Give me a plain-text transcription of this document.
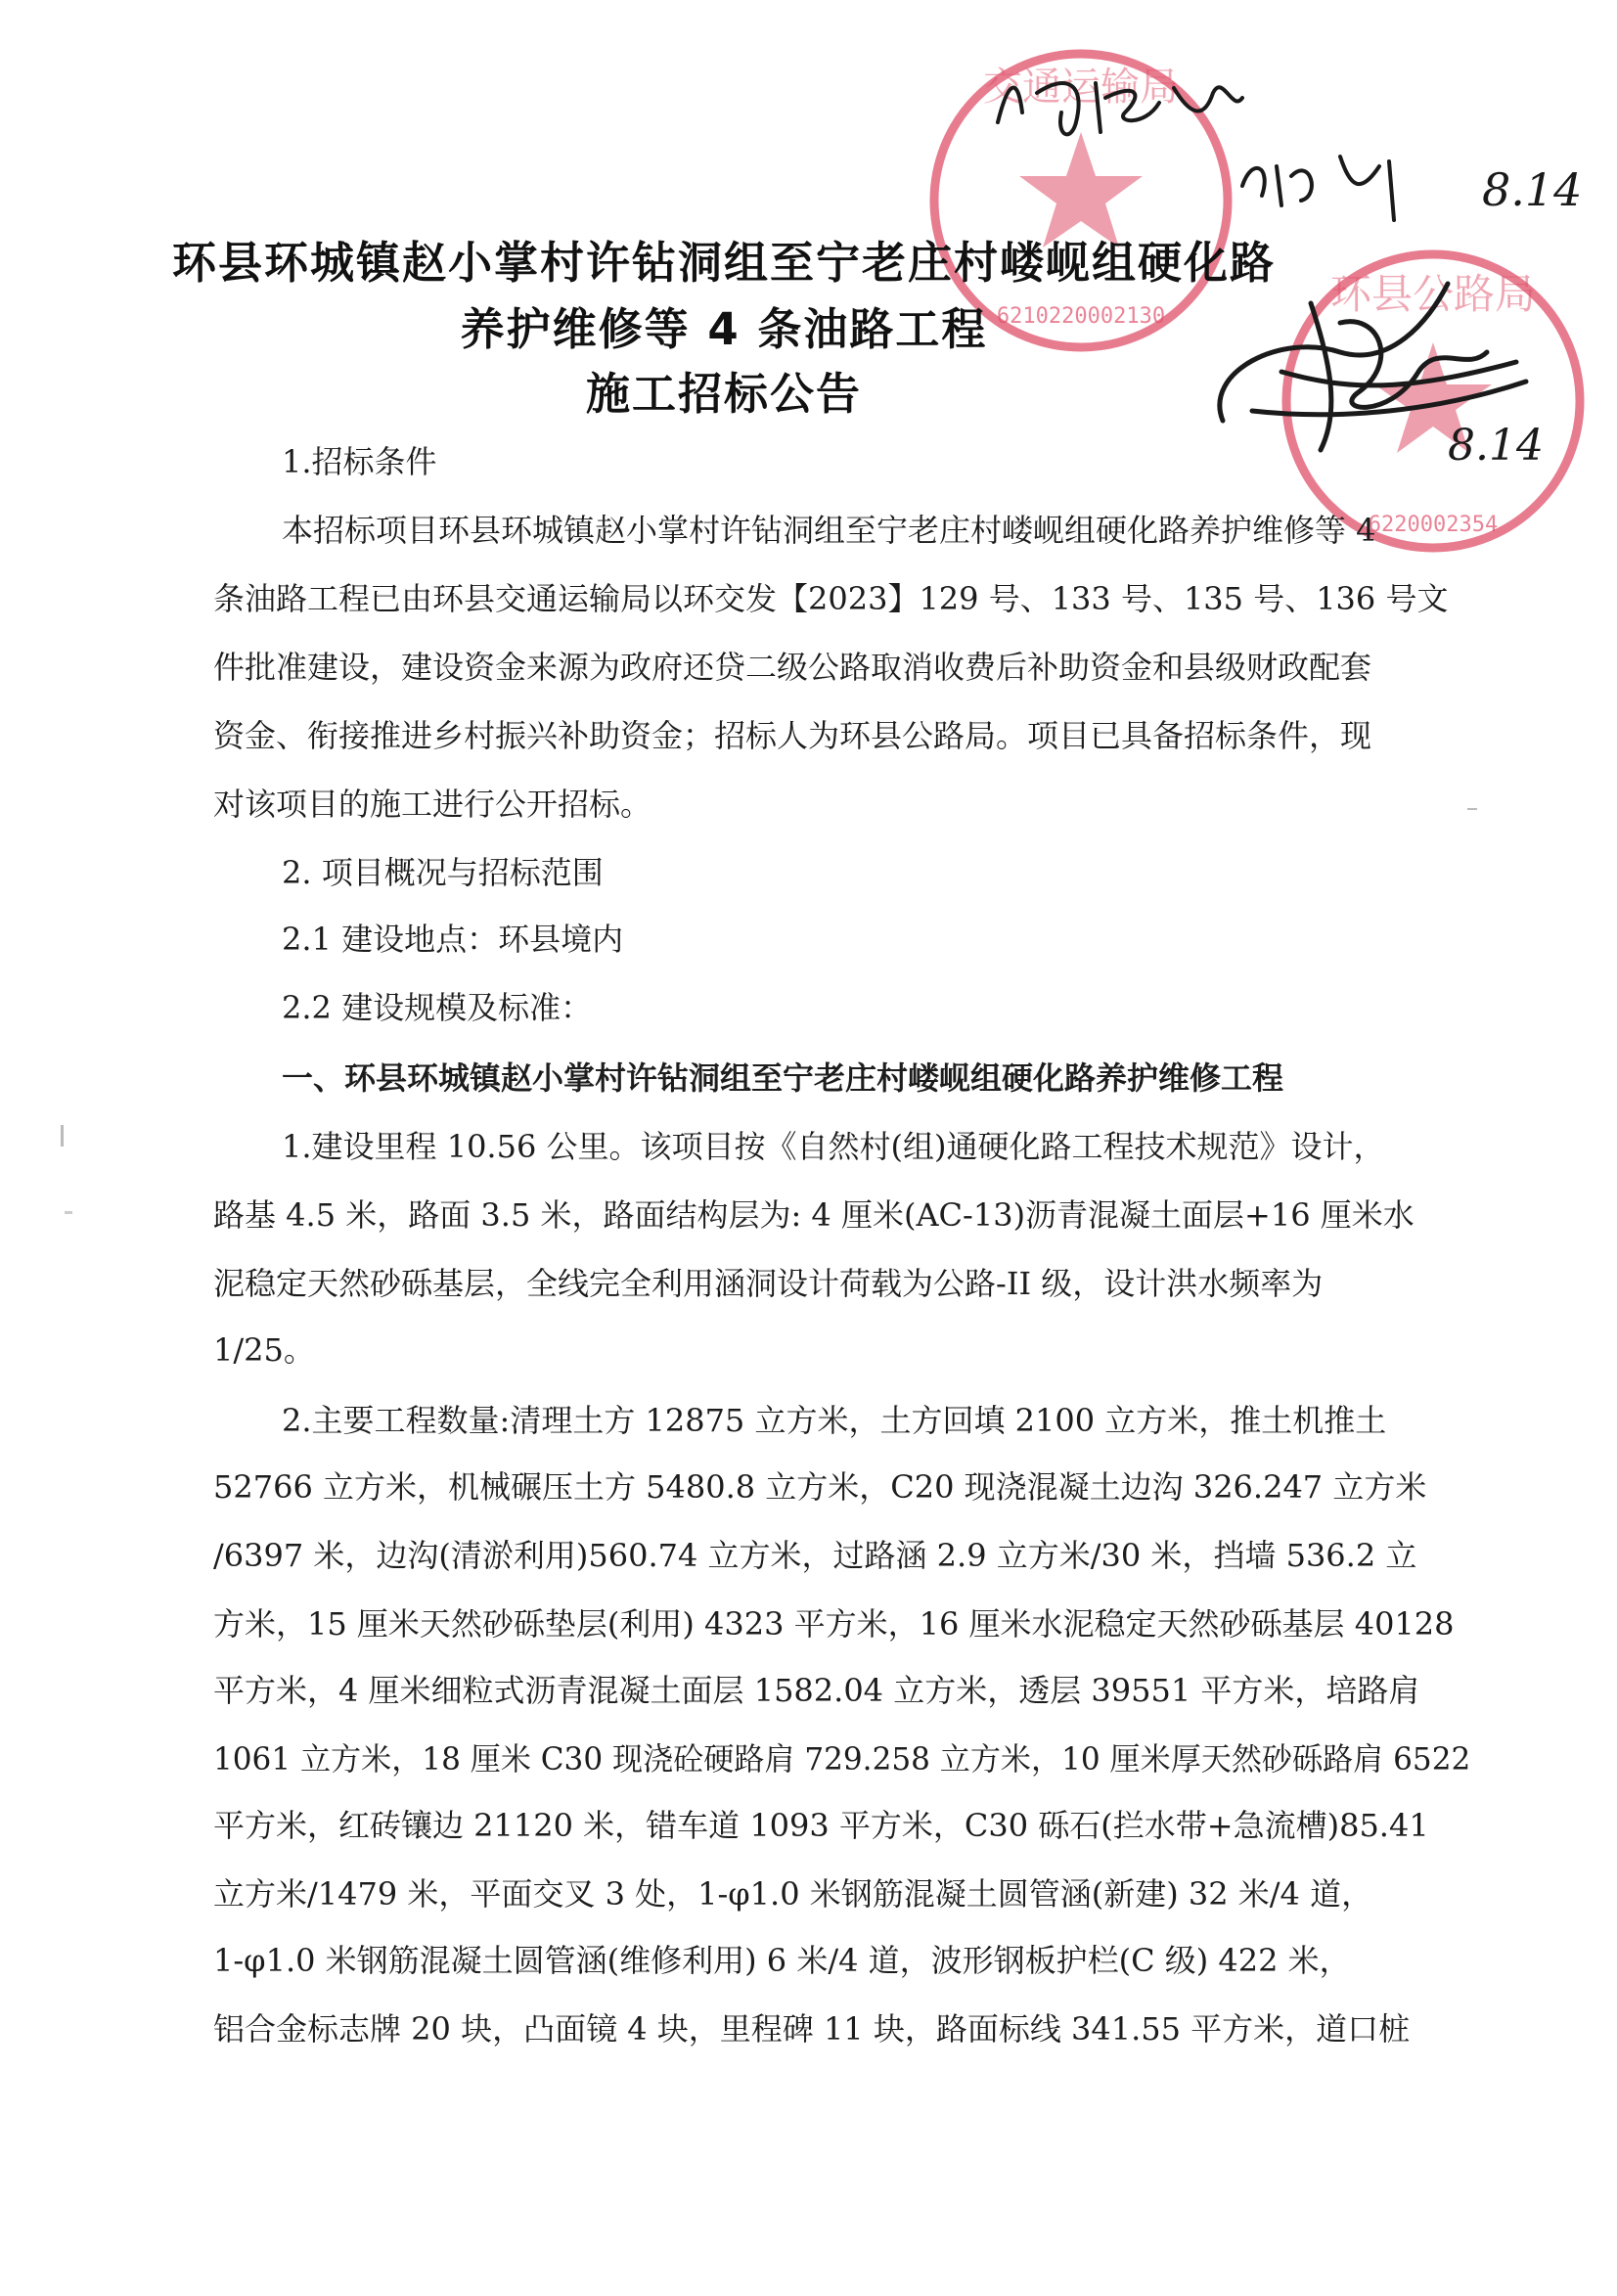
6210220002130
交通运输局
6220002354
环县公路局
8.14
8.14
环县环城镇赵小掌村许钻洞组至宁老庄村嵝岘组硬化路
养护维修等 4 条油路工程
施工招标公告
1.招标条件
本招标项目环县环城镇赵小掌村许钻洞组至宁老庄村嵝岘组硬化路养护维修等 4
条油路工程已由环县交通运输局以环交发【2023】129 号、133 号、135 号、136 号文
件批准建设，建设资金来源为政府还贷二级公路取消收费后补助资金和县级财政配套
资金、衔接推进乡村振兴补助资金；招标人为环县公路局。项目已具备招标条件，现
对该项目的施工进行公开招标。
2. 项目概况与招标范围
2.1 建设地点：环县境内
2.2 建设规模及标准：
一、环县环城镇赵小掌村许钻洞组至宁老庄村嵝岘组硬化路养护维修工程
1.建设里程 10.56 公里。该项目按《自然村(组)通硬化路工程技术规范》设计，
路基 4.5 米，路面 3.5 米，路面结构层为: 4 厘米(AC-13)沥青混凝土面层+16 厘米水
泥稳定天然砂砾基层，全线完全利用涵洞设计荷载为公路-II 级，设计洪水频率为
1/25。
2.主要工程数量:清理土方 12875 立方米，土方回填 2100 立方米，推土机推土
52766 立方米，机械碾压土方 5480.8 立方米，C20 现浇混凝土边沟 326.247 立方米
/6397 米，边沟(清淤利用)560.74 立方米，过路涵 2.9 立方米/30 米，挡墙 536.2 立
方米，15 厘米天然砂砾垫层(利用) 4323 平方米，16 厘米水泥稳定天然砂砾基层 40128
平方米，4 厘米细粒式沥青混凝土面层 1582.04 立方米，透层 39551 平方米，培路肩
1061 立方米，18 厘米 C30 现浇砼硬路肩 729.258 立方米，10 厘米厚天然砂砾路肩 6522
平方米，红砖镶边 21120 米，错车道 1093 平方米，C30 砾石(拦水带+急流槽)85.41
立方米/1479 米，平面交叉 3 处，1-φ1.0 米钢筋混凝土圆管涵(新建) 32 米/4 道，
1-φ1.0 米钢筋混凝土圆管涵(维修利用) 6 米/4 道，波形钢板护栏(C 级) 422 米，
铝合金标志牌 20 块，凸面镜 4 块，里程碑 11 块，路面标线 341.55 平方米，道口桩
